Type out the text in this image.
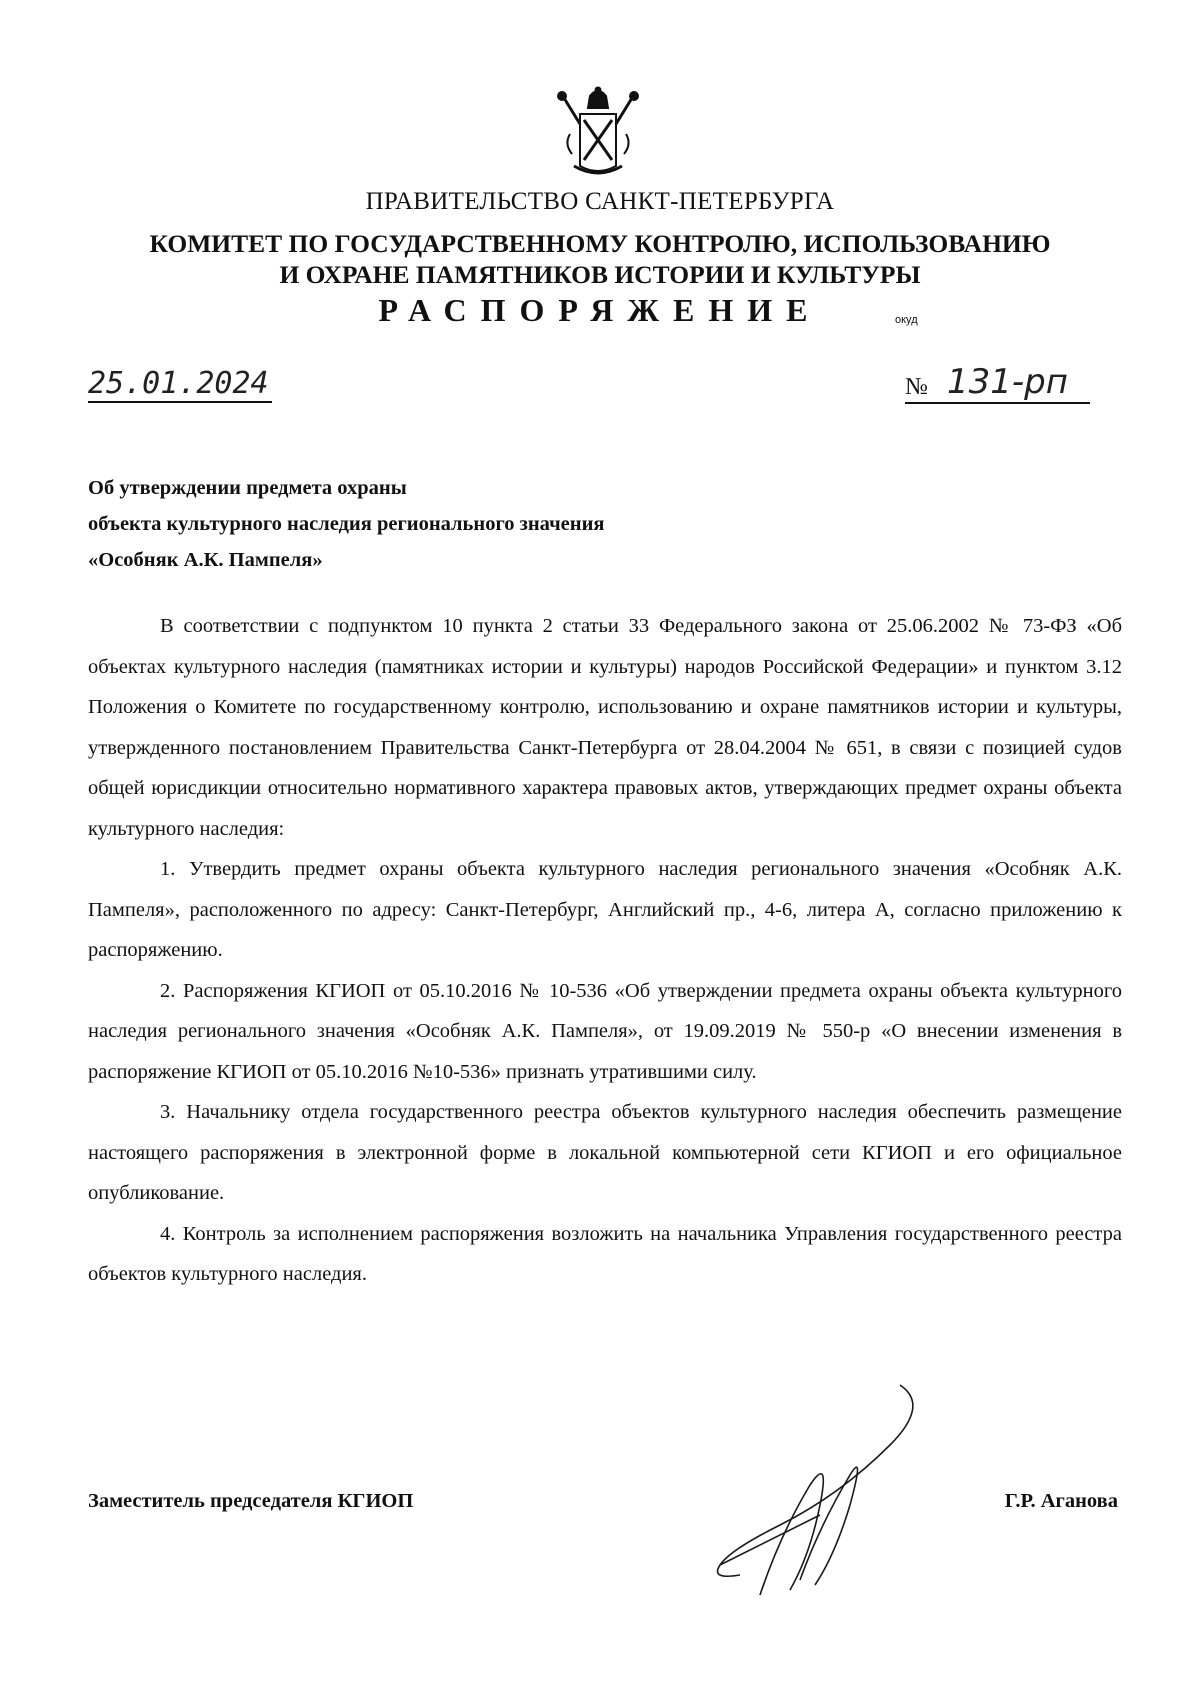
ПРАВИТЕЛЬСТВО САНКТ-ПЕТЕРБУРГА
КОМИТЕТ ПО ГОСУДАРСТВЕННОМУ КОНТРОЛЮ, ИСПОЛЬЗОВАНИЮ
И ОХРАНЕ ПАМЯТНИКОВ ИСТОРИИ И КУЛЬТУРЫ
РАСПОРЯЖЕНИЕ	окуд
25.01.2024	№ 131-рп
Об утверждении предмета охраны
объекта культурного наследия регионального значения
«Особняк А.К. Пампеля»

В соответствии с подпунктом 10 пункта 2 статьи 33 Федерального закона от 25.06.2002 № 73-ФЗ «Об объектах культурного наследия (памятниках истории и культуры) народов Российской Федерации» и пунктом 3.12 Положения о Комитете по государственному контролю, использованию и охране памятников истории и культуры, утвержденного постановлением Правительства Санкт-Петербурга от 28.04.2004 № 651, в связи с позицией судов общей юрисдикции относительно нормативного характера правовых актов, утверждающих предмет охраны объекта культурного наследия:

1. Утвердить предмет охраны объекта культурного наследия регионального значения «Особняк А.К. Пампеля», расположенного по адресу: Санкт-Петербург, Английский пр., 4-6, литера А, согласно приложению к распоряжению.

2. Распоряжения КГИОП от 05.10.2016 № 10-536 «Об утверждении предмета охраны объекта культурного наследия регионального значения «Особняк А.К. Пампеля», от 19.09.2019 № 550-р «О внесении изменения в распоряжение КГИОП от 05.10.2016 №10-536» признать утратившими силу.

3. Начальнику отдела государственного реестра объектов культурного наследия обеспечить размещение настоящего распоряжения в электронной форме в локальной компьютерной сети КГИОП и его официальное опубликование.

4. Контроль за исполнением распоряжения возложить на начальника Управления государственного реестра объектов культурного наследия.

Заместитель председателя КГИОП	Г.Р. Аганова
